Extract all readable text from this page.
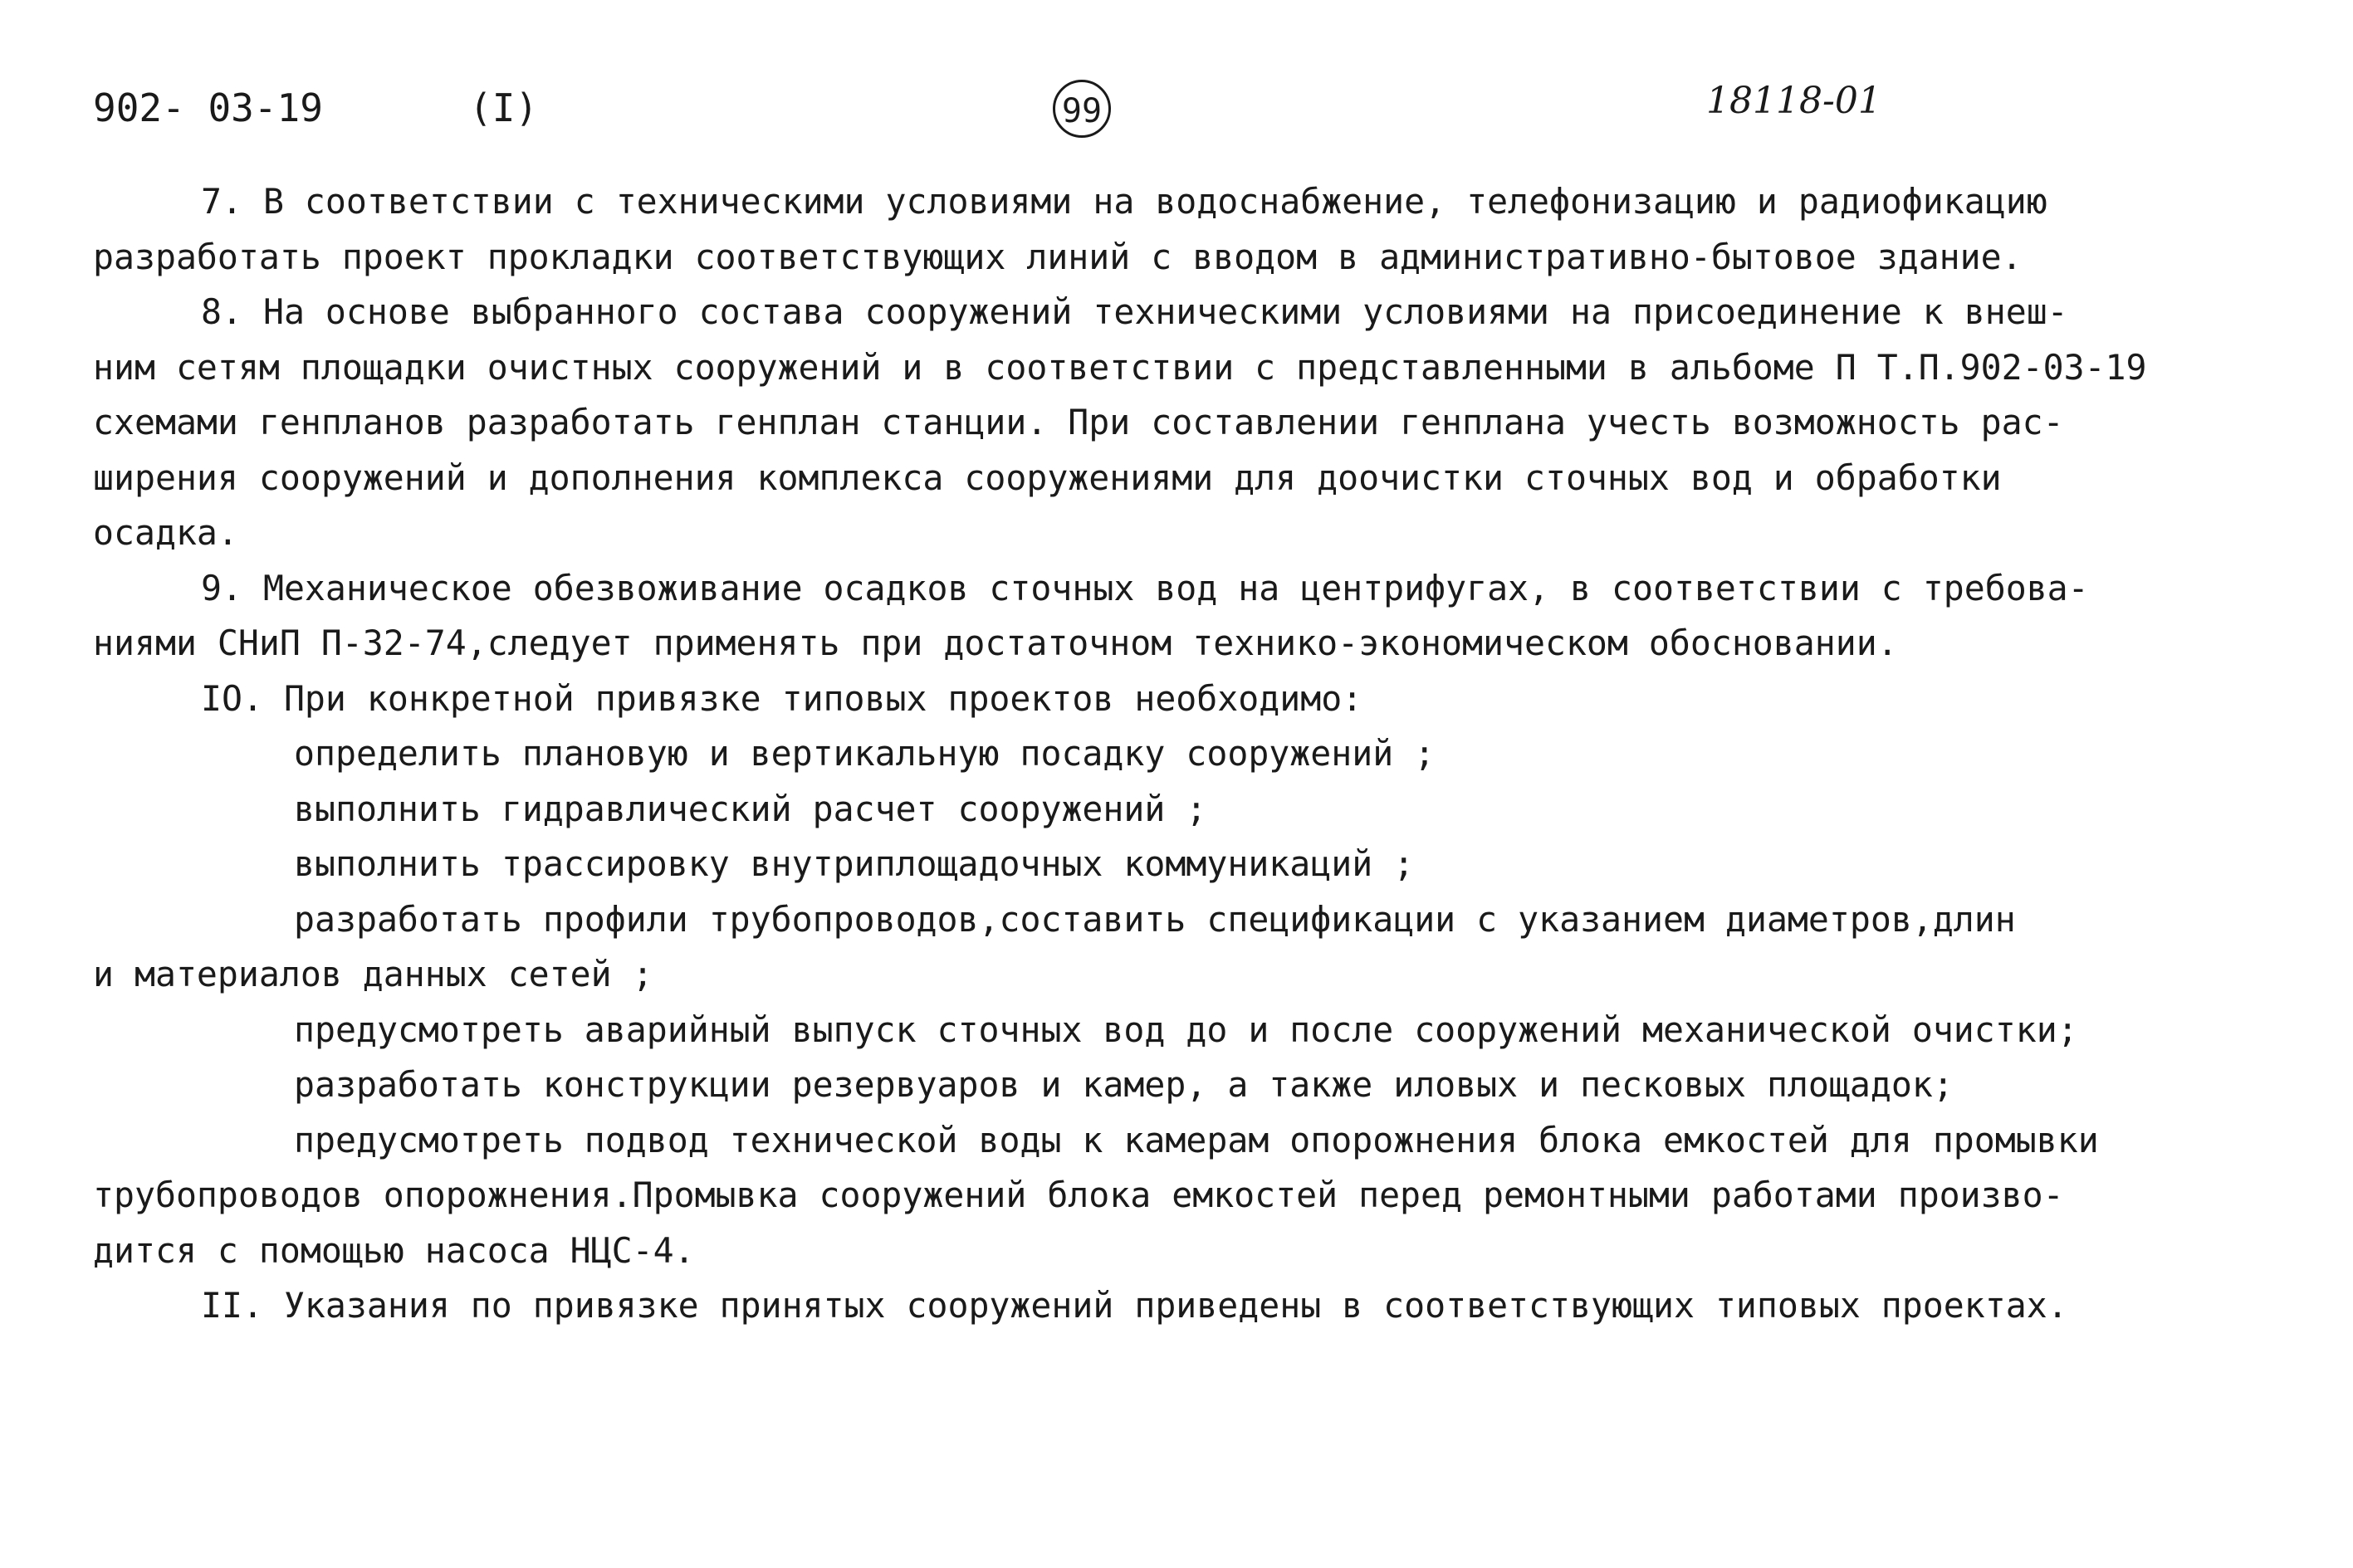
902- 03-19	(I)	99	18118-01
7. В соответствии с техническими условиями на водоснабжение, телефонизацию и радиофикацию
разработать проект прокладки соответствующих линий с вводом в административно-бытовое здание.
8. На основе выбранного состава сооружений техническими условиями на присоединение к внеш-
ним сетям площадки очистных сооружений и в соответствии с представленными в альбоме П Т.П.902-03-19
схемами генпланов разработать генплан станции. При составлении генплана учесть возможность рас-
ширения сооружений и дополнения комплекса сооружениями для доочистки сточных вод и обработки
осадка.
9. Механическое обезвоживание осадков сточных вод на центрифугах, в соответствии с требова-
ниями СНиП П-32-74,следует применять при достаточном технико-экономическом обосновании.
IO. При конкретной привязке типовых проектов необходимо:
определить плановую и вертикальную посадку сооружений ;
выполнить гидравлический расчет сооружений ;
выполнить трассировку внутриплощадочных коммуникаций ;
разработать профили трубопроводов,составить спецификации с указанием диаметров,длин
и материалов данных сетей ;
предусмотреть аварийный выпуск сточных вод до и после сооружений механической очистки;
разработать конструкции резервуаров и камер, а также иловых и песковых площадок;
предусмотреть подвод технической воды к камерам опорожнения блока емкостей для промывки
трубопроводов опорожнения.Промывка сооружений блока емкостей перед ремонтными работами произво-
дится с помощью насоса НЦС-4.
II. Указания по привязке принятых сооружений приведены в соответствующих типовых проектах.
